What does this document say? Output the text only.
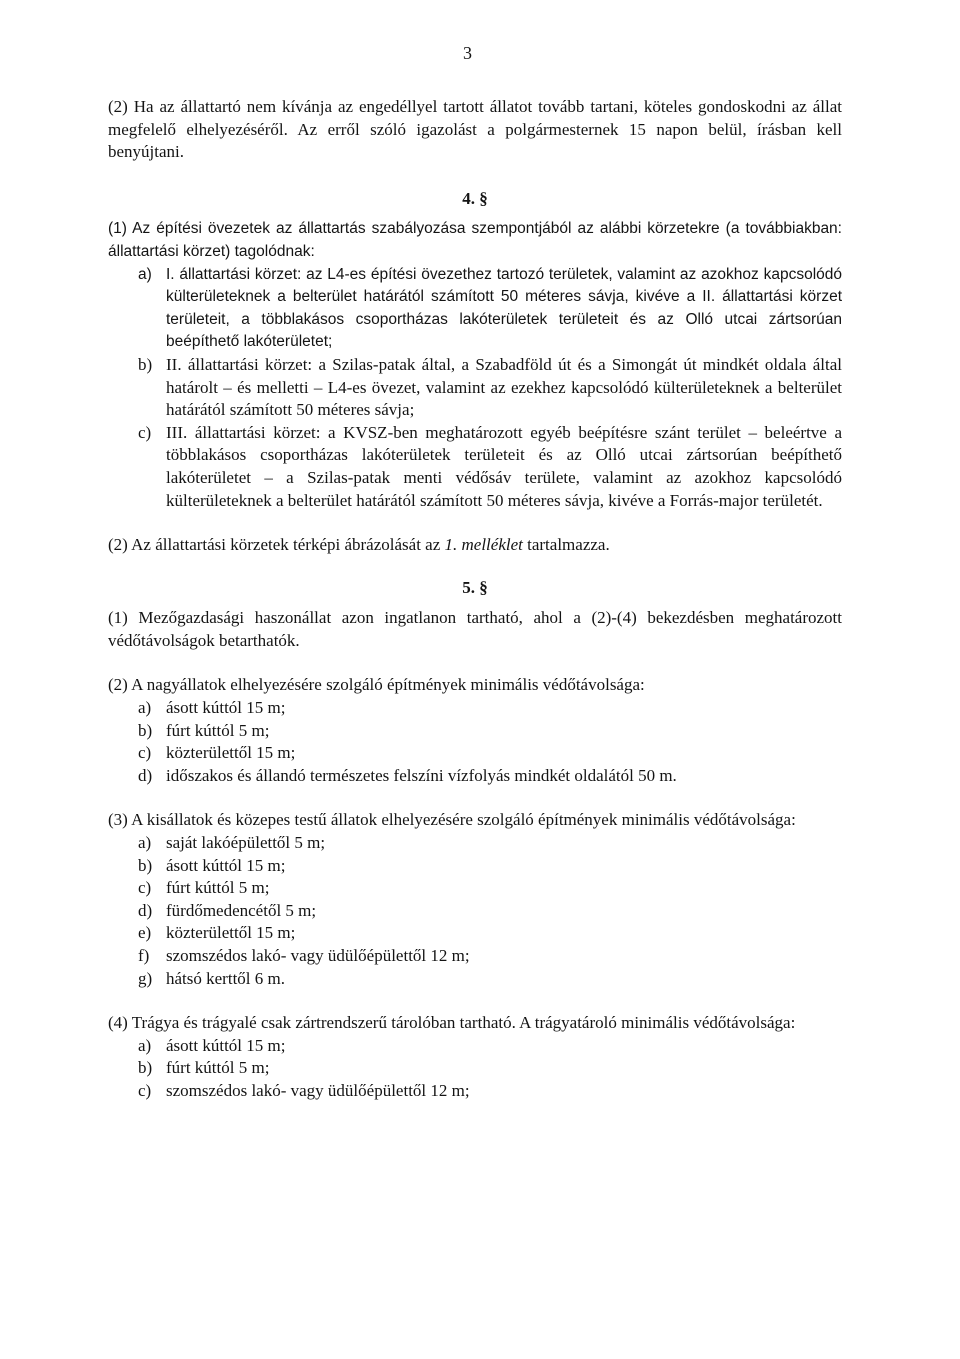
3

(2) Ha az állattartó nem kívánja az engedéllyel tartott állatot tovább tartani, köteles gondoskodni az állat megfelelő elhelyezéséről. Az erről szóló igazolást a polgármesternek 15 napon belül, írásban kell benyújtani.

4. §

(1) Az építési övezetek az állattartás szabályozása szempontjából az alábbi körzetekre (a továbbiakban: állattartási körzet) tagolódnak:

a) I. állattartási körzet: az L4-es építési övezethez tartozó területek, valamint az azokhoz kapcsolódó külterületeknek a belterület határától számított 50 méteres sávja, kivéve a II. állattartási körzet területeit, a többlakásos csoportházas lakóterületek területeit és az Olló utcai zártsorúan beépíthető lakóterületet;
b) II. állattartási körzet: a Szilas-patak által, a Szabadföld út és a Simongát út mindkét oldala által határolt – és melletti – L4-es övezet, valamint az ezekhez kapcsolódó külterületeknek a belterület határától számított 50 méteres sávja;
c) III. állattartási körzet: a KVSZ-ben meghatározott egyéb beépítésre szánt terület – beleértve a többlakásos csoportházas lakóterületek területeit és az Olló utcai zártsorúan beépíthető lakóterületet – a Szilas-patak menti védősáv területe, valamint az azokhoz kapcsolódó külterületeknek a belterület határától számított 50 méteres sávja, kivéve a Forrás-major területét.

(2) Az állattartási körzetek térképi ábrázolását az 1. melléklet tartalmazza.

5. §

(1) Mezőgazdasági haszonállat azon ingatlanon tartható, ahol a (2)-(4) bekezdésben meghatározott védőtávolságok betarthatók.

(2) A nagyállatok elhelyezésére szolgáló építmények minimális védőtávolsága:

a) ásott kúttól 15 m;
b) fúrt kúttól 5 m;
c) közterülettől 15 m;
d) időszakos és állandó természetes felszíni vízfolyás mindkét oldalától 50 m.

(3) A kisállatok és közepes testű állatok elhelyezésére szolgáló építmények minimális védőtávolsága:

a) saját lakóépülettől 5 m;
b) ásott kúttól 15 m;
c) fúrt kúttól 5 m;
d) fürdőmedencétől 5 m;
e) közterülettől 15 m;
f) szomszédos lakó- vagy üdülőépülettől 12 m;
g) hátsó kerttől 6 m.

(4) Trágya és trágyalé csak zártrendszerű tárolóban tartható. A trágyatároló minimális védőtávolsága:

a) ásott kúttól 15 m;
b) fúrt kúttól 5 m;
c) szomszédos lakó- vagy üdülőépülettől 12 m;
